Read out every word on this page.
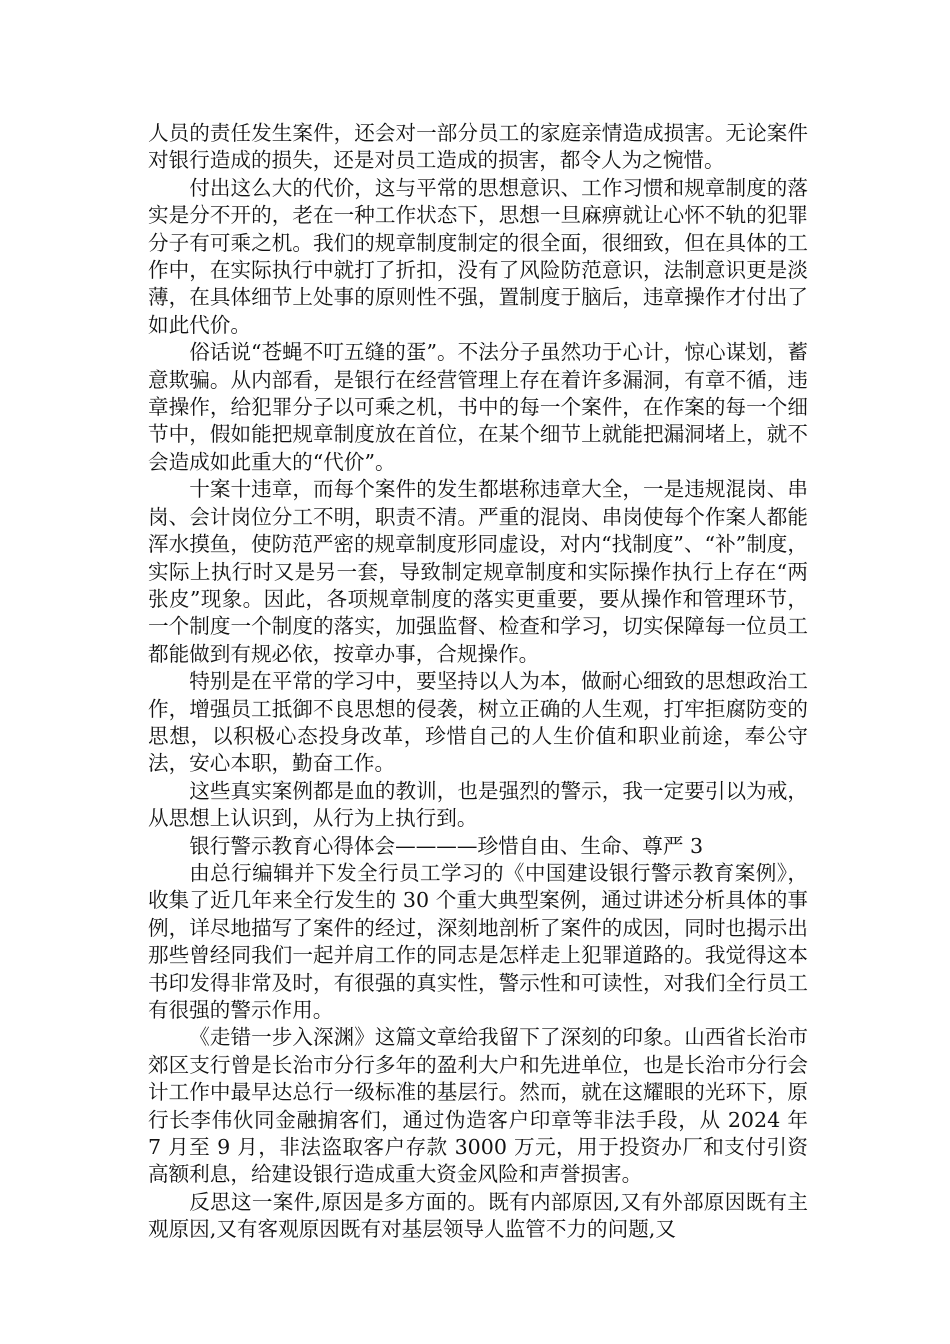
人员的责任发生案件，还会对一部分员工的家庭亲情造成损害。无论案件对银行造成的损失，还是对员工造成的损害，都令人为之惋惜。

付出这么大的代价，这与平常的思想意识、工作习惯和规章制度的落实是分不开的，老在一种工作状态下，思想一旦麻痹就让心怀不轨的犯罪分子有可乘之机。我们的规章制度制定的很全面，很细致，但在具体的工作中，在实际执行中就打了折扣，没有了风险防范意识，法制意识更是淡薄，在具体细节上处事的原则性不强，置制度于脑后，违章操作才付出了如此代价。

俗话说“苍蝇不叮五缝的蛋”。不法分子虽然功于心计，惊心谋划，蓄意欺骗。从内部看，是银行在经营管理上存在着许多漏洞，有章不循，违章操作，给犯罪分子以可乘之机，书中的每一个案件，在作案的每一个细节中，假如能把规章制度放在首位，在某个细节上就能把漏洞堵上，就不会造成如此重大的“代价”。

十案十违章，而每个案件的发生都堪称违章大全，一是违规混岗、串岗、会计岗位分工不明，职责不清。严重的混岗、串岗使每个作案人都能浑水摸鱼，使防范严密的规章制度形同虚设，对内“找制度”、“补”制度，实际上执行时又是另一套，导致制定规章制度和实际操作执行上存在“两张皮”现象。因此，各项规章制度的落实更重要，要从操作和管理环节，一个制度一个制度的落实，加强监督、检查和学习，切实保障每一位员工都能做到有规必依，按章办事，合规操作。

特别是在平常的学习中，要坚持以人为本，做耐心细致的思想政治工作，增强员工抵御不良思想的侵袭，树立正确的人生观，打牢拒腐防变的思想，以积极心态投身改革，珍惜自己的人生价值和职业前途，奉公守法，安心本职，勤奋工作。

这些真实案例都是血的教训，也是强烈的警示，我一定要引以为戒，从思想上认识到，从行为上执行到。

银行警示教育心得体会————珍惜自由、生命、尊严 3

由总行编辑并下发全行员工学习的《中国建设银行警示教育案例》，收集了近几年来全行发生的 30 个重大典型案例，通过讲述分析具体的事例，详尽地描写了案件的经过，深刻地剖析了案件的成因，同时也揭示出那些曾经同我们一起并肩工作的同志是怎样走上犯罪道路的。我觉得这本书印发得非常及时，有很强的真实性，警示性和可读性，对我们全行员工有很强的警示作用。

《走错一步入深渊》这篇文章给我留下了深刻的印象。山西省长治市郊区支行曾是长治市分行多年的盈利大户和先进单位，也是长治市分行会计工作中最早达总行一级标准的基层行。然而，就在这耀眼的光环下，原行长李伟伙同金融掮客们，通过伪造客户印章等非法手段，从 2024 年 7 月至 9 月，非法盗取客户存款 3000 万元，用于投资办厂和支付引资高额利息，给建设银行造成重大资金风险和声誉损害。

反思这一案件,原因是多方面的。既有内部原因,又有外部原因既有主观原因,又有客观原因既有对基层领导人监管不力的问题,又
